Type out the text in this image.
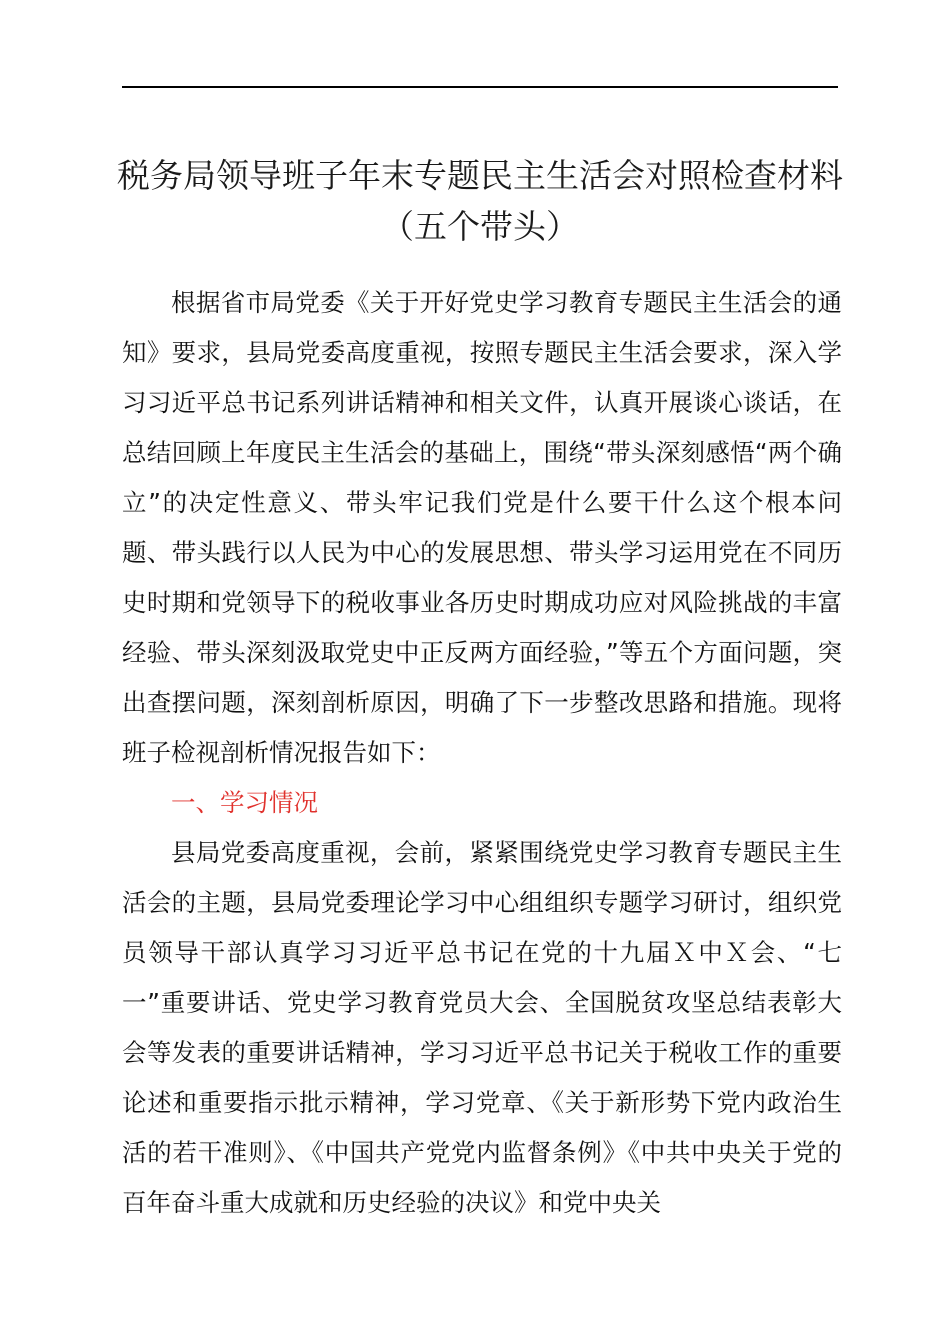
税务局领导班子年末专题民主生活会对照检查材料（五个带头）

根据省市局党委《关于开好党史学习教育专题民主生活会的通知》要求，县局党委高度重视，按照专题民主生活会要求，深入学习习近平总书记系列讲话精神和相关文件，认真开展谈心谈话，在总结回顾上年度民主生活会的基础上，围绕“带头深刻感悟“两个确立”的决定性意义、带头牢记我们党是什么要干什么这个根本问题、带头践行以人民为中心的发展思想、带头学习运用党在不同历史时期和党领导下的税收事业各历史时期成功应对风险挑战的丰富经验、带头深刻汲取党史中正反两方面经验，”等五个方面问题，突出查摆问题，深刻剖析原因，明确了下一步整改思路和措施。现将班子检视剖析情况报告如下：

一、学习情况

县局党委高度重视，会前，紧紧围绕党史学习教育专题民主生活会的主题，县局党委理论学习中心组组织专题学习研讨，组织党员领导干部认真学习习近平总书记在党的十九届Ｘ中Ｘ会、“七一”重要讲话、党史学习教育党员大会、全国脱贫攻坚总结表彰大会等发表的重要讲话精神，学习习近平总书记关于税收工作的重要论述和重要指示批示精神，学习党章、《关于新形势下党内政治生活的若干准则》、《中国共产党党内监督条例》《中共中央关于党的百年奋斗重大成就和历史经验的决议》和党中央关
